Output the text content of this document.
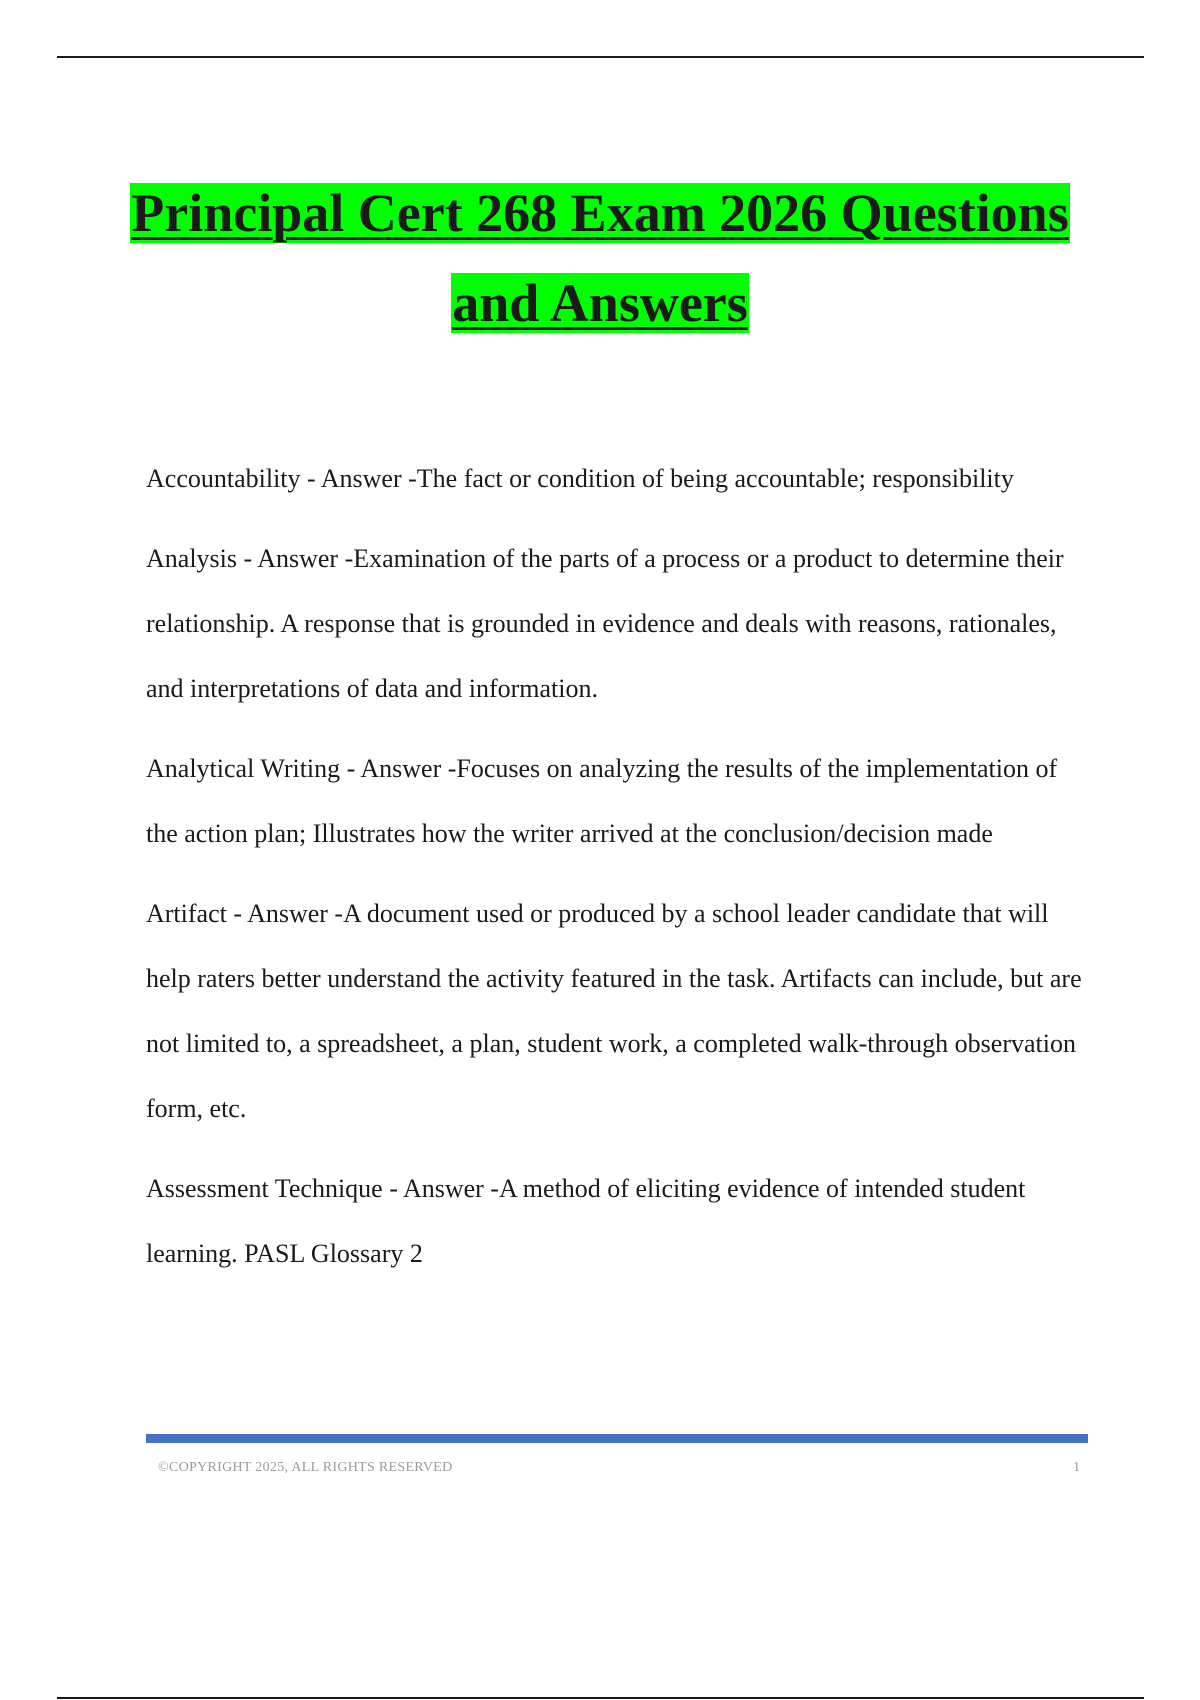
Principal Cert 268 Exam 2026 Questions
and Answers

Accountability - Answer -The fact or condition of being accountable; responsibility

Analysis - Answer -Examination of the parts of a process or a product to determine their relationship. A response that is grounded in evidence and deals with reasons, rationales, and interpretations of data and information.

Analytical Writing - Answer -Focuses on analyzing the results of the implementation of the action plan; Illustrates how the writer arrived at the conclusion/decision made

Artifact - Answer -A document used or produced by a school leader candidate that will help raters better understand the activity featured in the task. Artifacts can include, but are not limited to, a spreadsheet, a plan, student work, a completed walk-through observation form, etc.

Assessment Technique - Answer -A method of eliciting evidence of intended student learning. PASL Glossary 2

©COPYRIGHT 2025, ALL RIGHTS RESERVED	1
